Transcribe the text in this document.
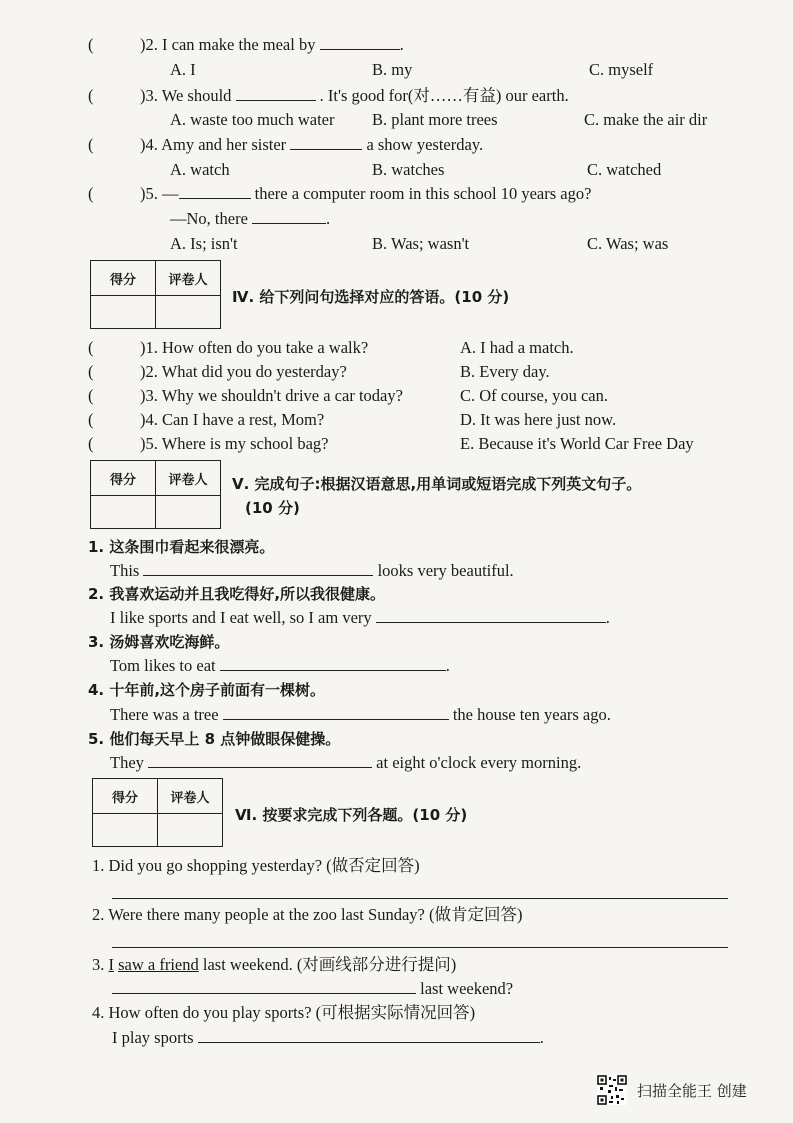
(	)2. I can make the meal by	.
A. I	B. my	C. myself
(	)3. We should	. It's good for(对……有益) our earth.
A. waste too much water B. plant more trees	C. make the air dir
(	)4. Amy and her sister	a show yesterday.
A. watch	B. watches	C. watched
(	)5. —	there a computer room in this school 10 years ago?
—No, there	.
A. Is; isn't	B. Was; wasn't	C. Was; was
得分	评卷人

Ⅳ. 给下列问句选择对应的答语。(10 分)
(	)1. How often do you take a walk?	A. I had a match.
(	)2. What did you do yesterday?	B. Every day.
(	)3. Why we shouldn't drive a car today?	C. Of course, you can.
(	)4. Can I have a rest, Mom?	D. It was here just now.
(	)5. Where is my school bag?	E. Because it's World Car Free Day
得分	评卷人
	Ⅴ. 完成句子:根据汉语意思,用单词或短语完成下列英文句子。
(10 分)
1. 这条围巾看起来很漂亮。
This	looks very beautiful.
2. 我喜欢运动并且我吃得好,所以我很健康。
I like sports and I eat well, so I am very	.
3. 汤姆喜欢吃海鲜。
Tom likes to eat	.
4. 十年前,这个房子前面有一棵树。
There was a tree	the house ten years ago.
5. 他们每天早上 8 点钟做眼保健操。
They	at eight o'clock every morning.
得分	评卷人

Ⅵ. 按要求完成下列各题。(10 分)
1. Did you go shopping yesterday? (做否定回答)
2. Were there many people at the zoo last Sunday? (做肯定回答)
3. I saw a friend last weekend. (对画线部分进行提问)
last weekend?
4. How often do you play sports? (可根据实际情况回答)
I play sports	.
扫描全能王 创建
